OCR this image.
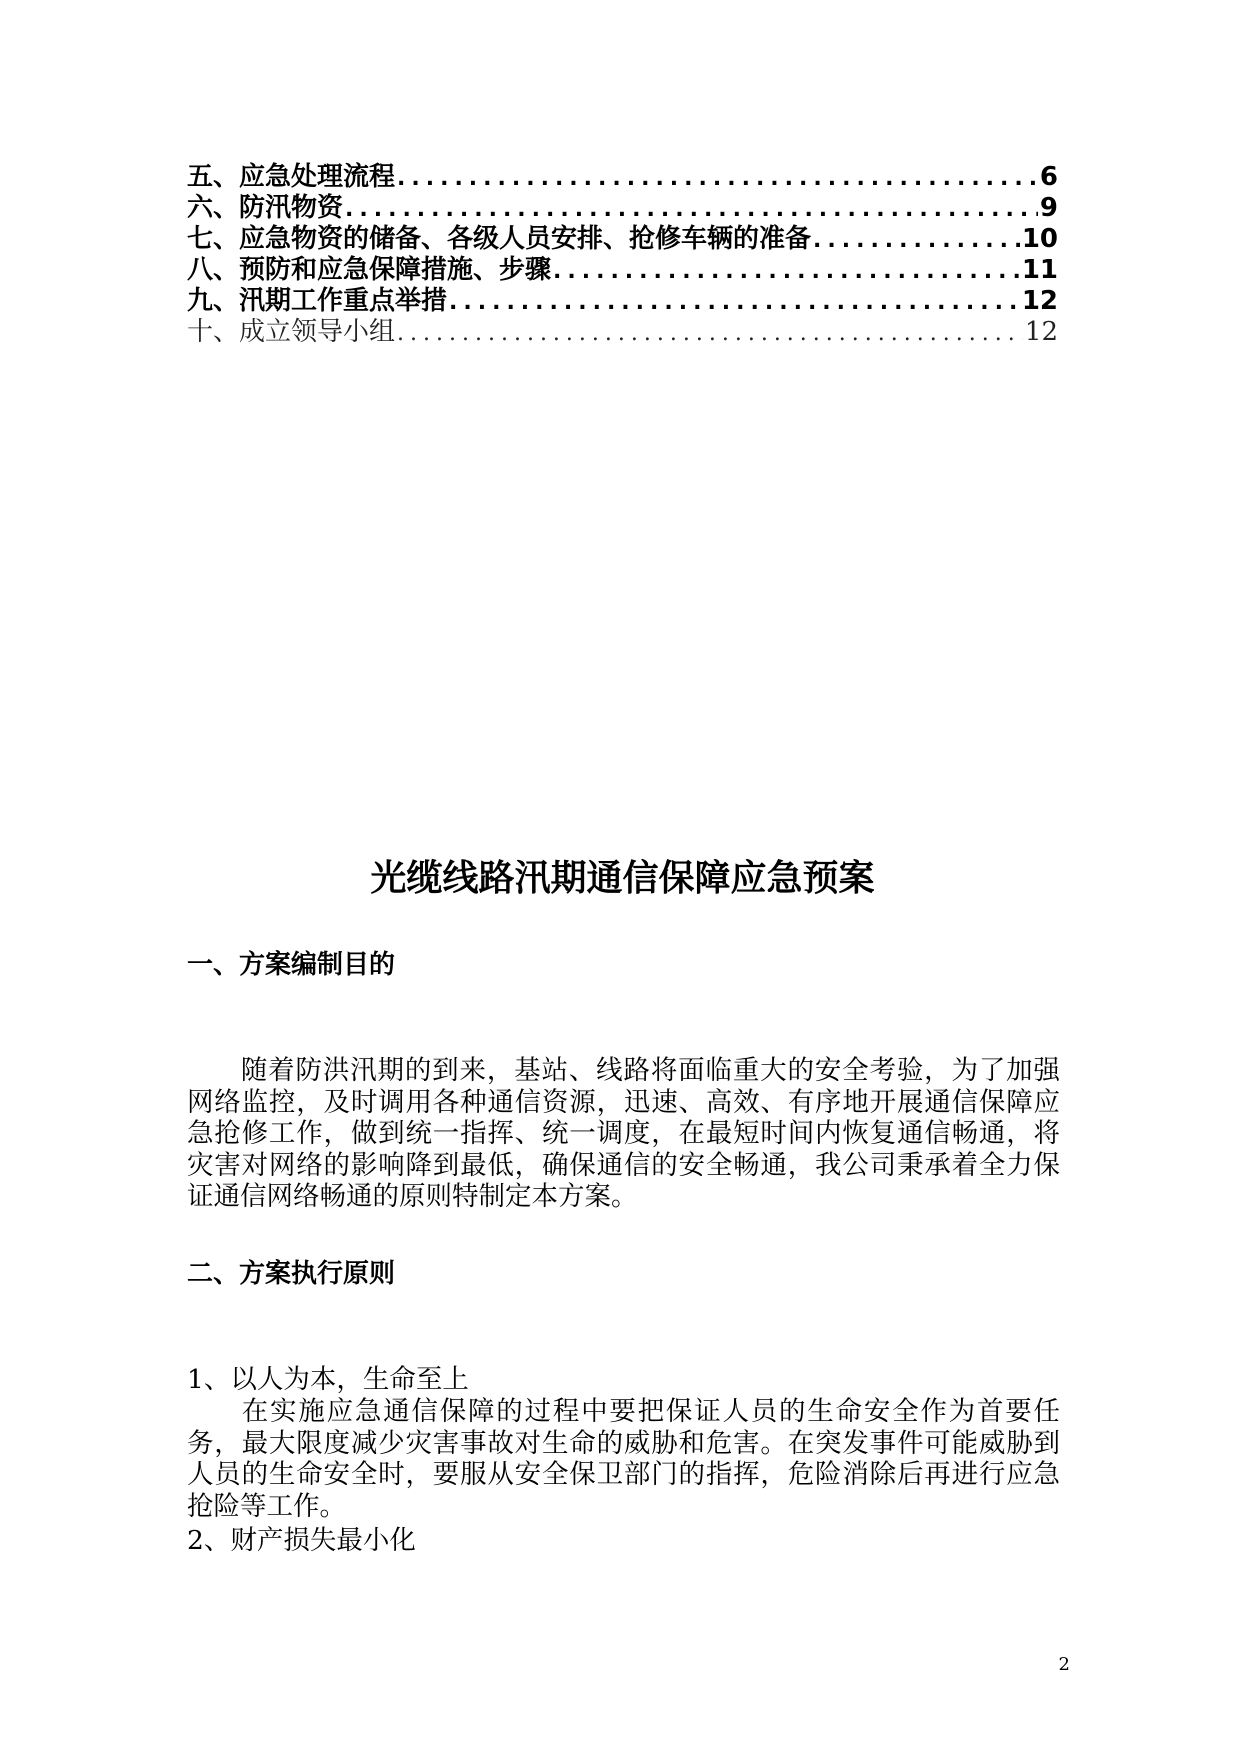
五、应急处理流程 .....	6
六、防汛物资 .....	9
七、应急物资的储备、各级人员安排、抢修车辆的准备 .....	10
八、预防和应急保障措施、步骤 .....	11
九、汛期工作重点举措 .....	12
十、成立领导小组 .....	12
光缆线路汛期通信保障应急预案
一、方案编制目的

随着防洪汛期的到来，基站、线路将面临重大的安全考验，为了加强网络监控，及时调用各种通信资源，迅速、高效、有序地开展通信保障应急抢修工作，做到统一指挥、统一调度，在最短时间内恢复通信畅通，将灾害对网络的影响降到最低，确保通信的安全畅通，我公司秉承着全力保证通信网络畅通的原则特制定本方案。

二、方案执行原则

1、以人为本，生命至上

在实施应急通信保障的过程中要把保证人员的生命安全作为首要任务，最大限度减少灾害事故对生命的威胁和危害。在突发事件可能威胁到人员的生命安全时，要服从安全保卫部门的指挥，危险消除后再进行应急抢险等工作。

2、财产损失最小化

2
